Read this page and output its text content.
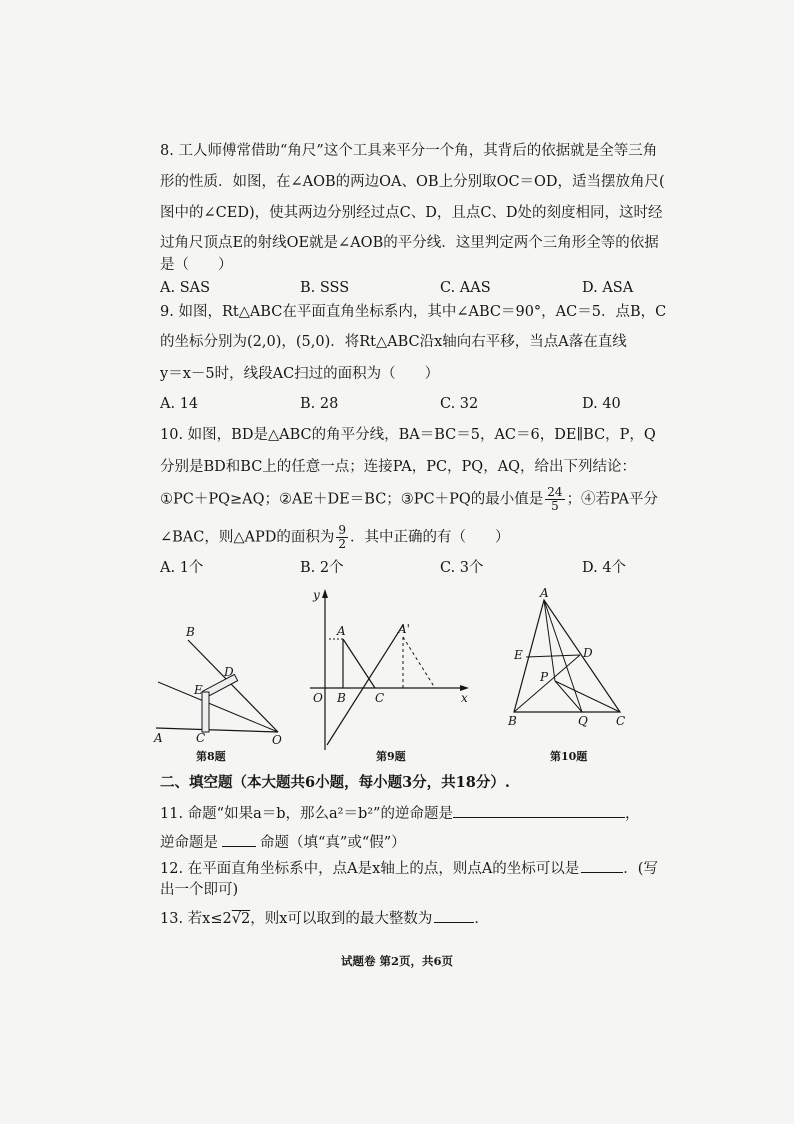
8. 工人师傅常借助“角尺”这个工具来平分一个角，其背后的依据就是全等三角
形的性质．如图，在∠AOB的两边OA、OB上分别取OC＝OD，适当摆放角尺(
图中的∠CED)，使其两边分别经过点C、D，且点C、D处的刻度相同，这时经
过角尺顶点E的射线OE就是∠AOB的平分线．这里判定两个三角形全等的依据
是（　　）
A. SAS	B. SSS	C. AAS	D. ASA
9. 如图，Rt△ABC在平面直角坐标系内，其中∠ABC＝90°，AC＝5．点B，C
的坐标分别为(2,0)，(5,0)．将Rt△ABC沿x轴向右平移，当点A落在直线
y＝x－5时，线段AC扫过的面积为（　　）
A. 14	B. 28	C. 32	D. 40
10. 如图，BD是△ABC的角平分线，BA＝BC＝5，AC＝6，DE∥BC，P，Q
分别是BD和BC上的任意一点；连接PA，PC，PQ，AQ，给出下列结论：
①PC＋PQ≥AQ；②AE＋DE＝BC；③PC＋PQ的最小值是 $\frac{24}{5}$ ；④若PA平分
∠BAC，则△APD的面积为 $\frac{9}{2}$ ．其中正确的有（　　）
A. 1个	B. 2个	C. 3个	D. 4个
B
D
E
C
A	O
第8题
y
A	A'
O B C	x
第9题
A
E	D
P
B	Q C
第10题
二、填空题（本大题共6小题，每小题3分，共18分）.
11. 命题“如果a＝b，那么a²＝b²”的逆命题是	，
逆命题是	命题（填“真”或“假”）
12. 在平面直角坐标系中，点A是x轴上的点，则点A的坐标可以是	．(写
出一个即可)
13. 若x≤2√2，则x可以取到的最大整数为	．
试题卷 第2页，共6页
